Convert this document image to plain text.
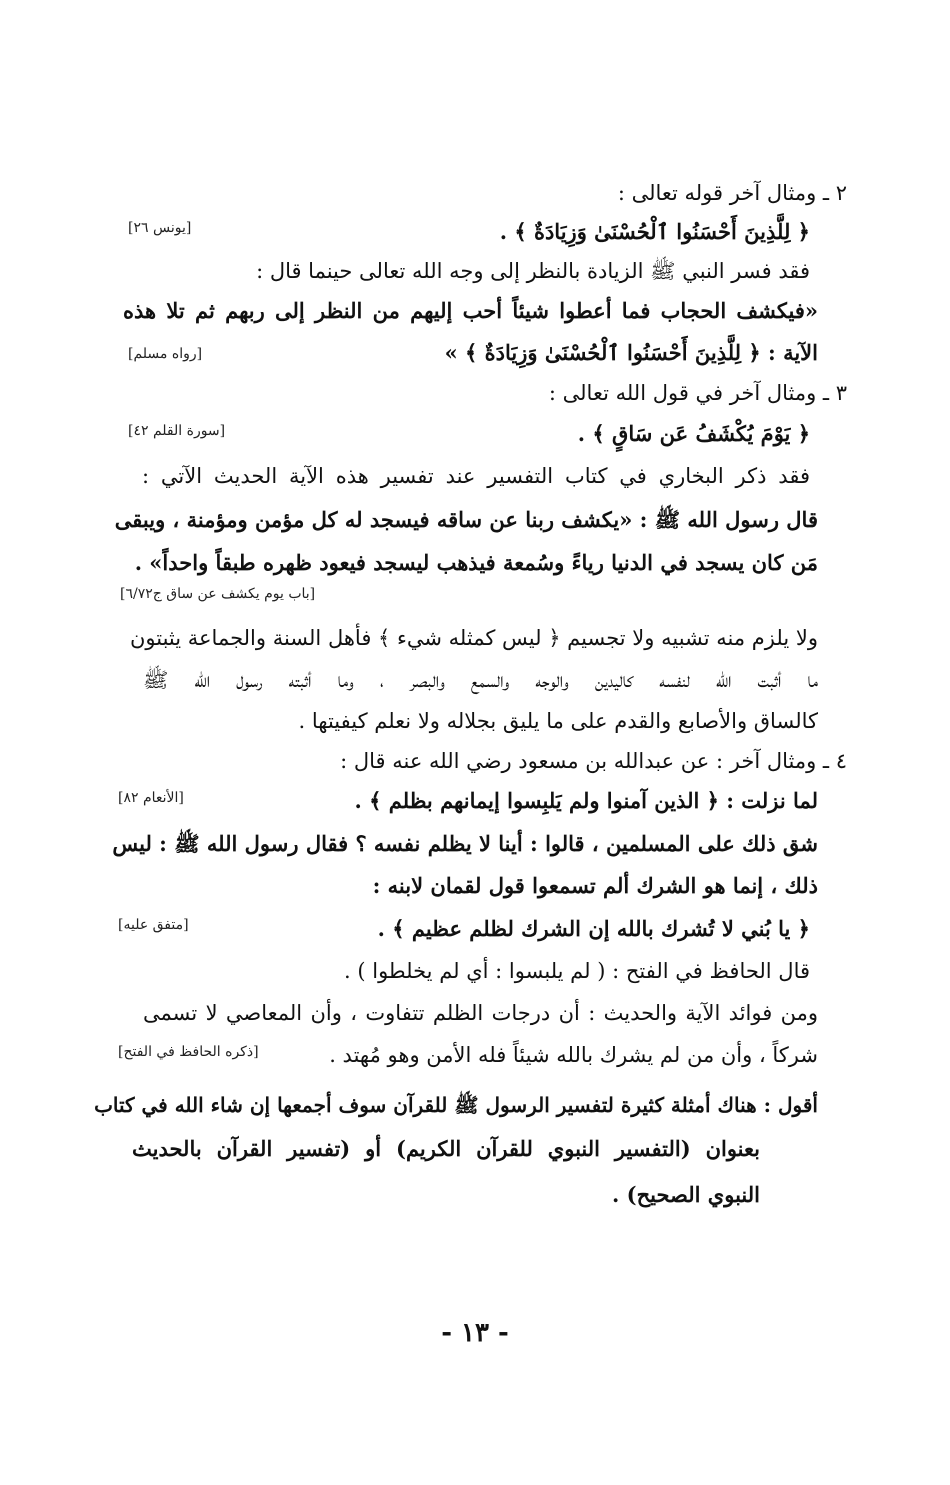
٢ ـ ومثال آخر قوله تعالى :
﴿ لِلَّذِينَ أَحْسَنُوا ٱلْحُسْنَىٰ وَزِيَادَةٌ ﴾ .
[يونس ٢٦]
فقد فسر النبي ﷺ الزيادة بالنظر إلى وجه الله تعالى حينما قال :
«فيكشف الحجاب فما أعطوا شيئاً أحب إليهم من النظر إلى ربهم ثم تلا هذه
الآية : ﴿ لِلَّذِينَ أَحْسَنُوا ٱلْحُسْنَىٰ وَزِيَادَةٌ ﴾ »
[رواه مسلم]
٣ ـ ومثال آخر في قول الله تعالى :
﴿ يَوْمَ يُكْشَفُ عَن سَاقٍ ﴾ .
[سورة القلم ٤٢]
فقد ذكر البخاري في كتاب التفسير عند تفسير هذه الآية الحديث الآتي :
قال رسول الله ﷺ : «يكشف ربنا عن ساقه فيسجد له كل مؤمن ومؤمنة ، ويبقى
مَن كان يسجد في الدنيا رياءً وسُمعة فيذهب ليسجد فيعود ظهره طبقاً واحداً» .
[باب يوم يكشف عن ساق ج٦/٧٢]
ولا يلزم منه تشبيه ولا تجسيم ﴿ ليس كمثله شيء ﴾ فأهل السنة والجماعة يثبتون
ما أثبت الله لنفسه كاليدين والوجه والسمع والبصر ، وما أثبته رسول الله ﷺ
كالساق والأصابع والقدم على ما يليق بجلاله ولا نعلم كيفيتها .
٤ ـ ومثال آخر : عن عبدالله بن مسعود رضي الله عنه قال :
لما نزلت : ﴿ الذين آمنوا ولم يَلبِسوا إيمانهم بظلم ﴾ .
[الأنعام ٨٢]
شق ذلك على المسلمين ، قالوا : أينا لا يظلم نفسه ؟ فقال رسول الله ﷺ : ليس
ذلك ، إنما هو الشرك ألم تسمعوا قول لقمان لابنه :
﴿ يا بُني لا تُشرك بالله إن الشرك لظلم عظيم ﴾ .
[متفق عليه]
قال الحافظ في الفتح : ( لم يلبسوا : أي لم يخلطوا ) .
ومن فوائد الآية والحديث : أن درجات الظلم تتفاوت ، وأن المعاصي لا تسمى
شركاً ، وأن من لم يشرك بالله شيئاً فله الأمن وهو مُهتد .
[ذكره الحافظ في الفتح]
أقول : هناك أمثلة كثيرة لتفسير الرسول ﷺ للقرآن سوف أجمعها إن شاء الله في كتاب
بعنوان (التفسير النبوي للقرآن الكريم) أو (تفسير القرآن بالحديث
النبوي الصحيح) .
- ١٣ -
